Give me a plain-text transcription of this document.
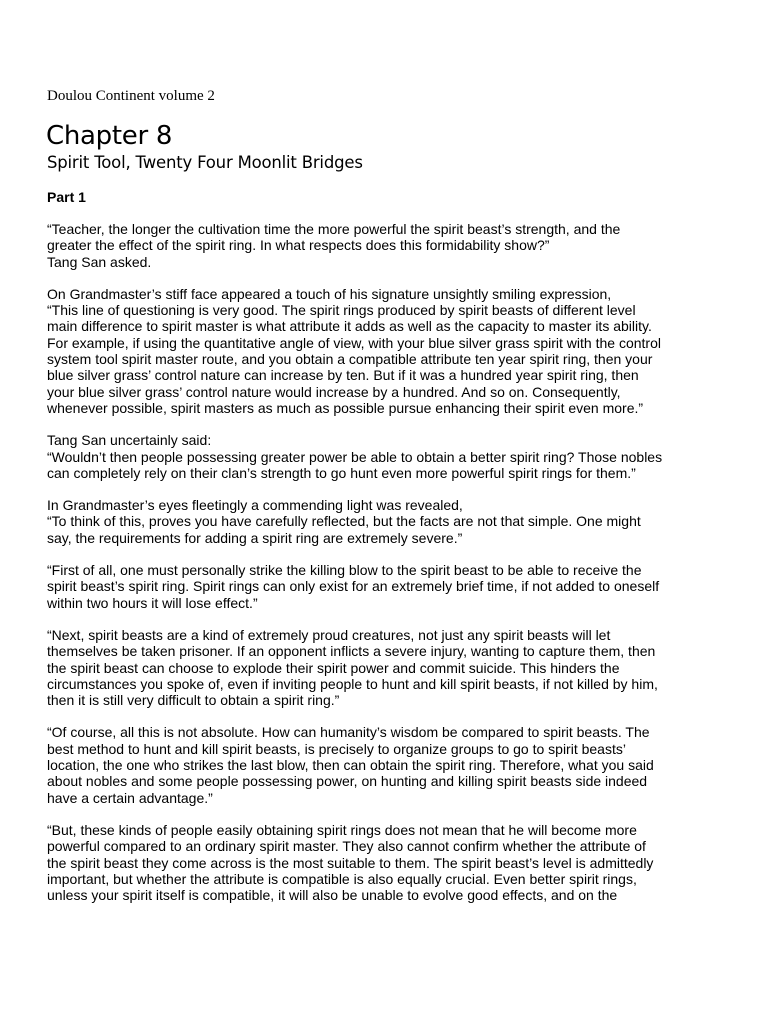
Doulou Continent volume 2
Chapter 8
Spirit Tool, Twenty Four Moonlit Bridges
Part 1

“Teacher, the longer the cultivation time the more powerful the spirit beast’s strength, and the
greater the effect of the spirit ring. In what respects does this formidability show?”
Tang San asked.

On Grandmaster’s stiff face appeared a touch of his signature unsightly smiling expression,
“This line of questioning is very good. The spirit rings produced by spirit beasts of different level
main difference to spirit master is what attribute it adds as well as the capacity to master its ability.
For example, if using the quantitative angle of view, with your blue silver grass spirit with the control
system tool spirit master route, and you obtain a compatible attribute ten year spirit ring, then your
blue silver grass’ control nature can increase by ten. But if it was a hundred year spirit ring, then
your blue silver grass’ control nature would increase by a hundred. And so on. Consequently,
whenever possible, spirit masters as much as possible pursue enhancing their spirit even more.”

Tang San uncertainly said:
“Wouldn’t then people possessing greater power be able to obtain a better spirit ring? Those nobles
can completely rely on their clan’s strength to go hunt even more powerful spirit rings for them.”

In Grandmaster’s eyes fleetingly a commending light was revealed,
“To think of this, proves you have carefully reflected, but the facts are not that simple. One might
say, the requirements for adding a spirit ring are extremely severe.”

“First of all, one must personally strike the killing blow to the spirit beast to be able to receive the
spirit beast’s spirit ring. Spirit rings can only exist for an extremely brief time, if not added to oneself
within two hours it will lose effect.”

“Next, spirit beasts are a kind of extremely proud creatures, not just any spirit beasts will let
themselves be taken prisoner. If an opponent inflicts a severe injury, wanting to capture them, then
the spirit beast can choose to explode their spirit power and commit suicide. This hinders the
circumstances you spoke of, even if inviting people to hunt and kill spirit beasts, if not killed by him,
then it is still very difficult to obtain a spirit ring.”

“Of course, all this is not absolute. How can humanity’s wisdom be compared to spirit beasts. The
best method to hunt and kill spirit beasts, is precisely to organize groups to go to spirit beasts’
location, the one who strikes the last blow, then can obtain the spirit ring. Therefore, what you said
about nobles and some people possessing power, on hunting and killing spirit beasts side indeed
have a certain advantage.”

“But, these kinds of people easily obtaining spirit rings does not mean that he will become more
powerful compared to an ordinary spirit master. They also cannot confirm whether the attribute of
the spirit beast they come across is the most suitable to them. The spirit beast’s level is admittedly
important, but whether the attribute is compatible is also equally crucial. Even better spirit rings,
unless your spirit itself is compatible, it will also be unable to evolve good effects, and on the
